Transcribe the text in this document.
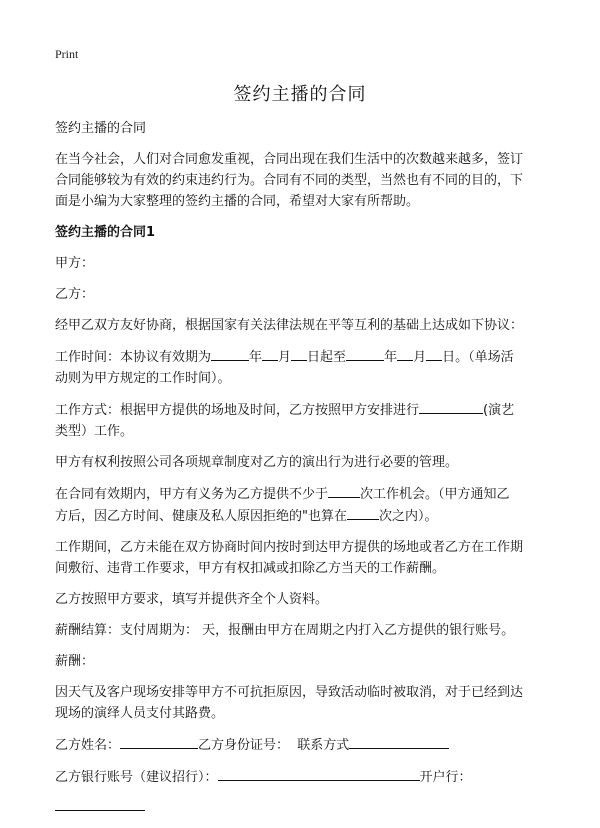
Print
签约主播的合同

签约主播的合同

在当今社会，人们对合同愈发重视，合同出现在我们生活中的次数越来越多，签订

合同能够较为有效的约束违约行为。合同有不同的类型，当然也有不同的目的，下

面是小编为大家整理的签约主播的合同，希望对大家有所帮助。

签约主播的合同1

甲方：

乙方：

经甲乙双方友好协商，根据国家有关法律法规在平等互利的基础上达成如下协议：

工作时间：本协议有效期为	年 月 日起至	年 月 日。（单场活

动则为甲方规定的工作时间）。

工作方式：根据甲方提供的场地及时间，乙方按照甲方安排进行	(演艺

类型）工作。

甲方有权利按照公司各项规章制度对乙方的演出行为进行必要的管理。

在合同有效期内，甲方有义务为乙方提供不少于 次工作机会。（甲方通知乙

方后，因乙方时间、健康及私人原因拒绝的"也算在 次之内）。

工作期间，乙方未能在双方协商时间内按时到达甲方提供的场地或者乙方在工作期

间敷衍、违背工作要求，甲方有权扣减或扣除乙方当天的工作薪酬。

乙方按照甲方要求，填写并提供齐全个人资料。

薪酬结算：支付周期为： 天，报酬由甲方在周期之内打入乙方提供的银行账号。

薪酬：

因天气及客户现场安排等甲方不可抗拒原因，导致活动临时被取消，对于已经到达

现场的演绎人员支付其路费。

乙方姓名：	乙方身份证号： 联系方式

乙方银行账号（建议招行）：	开户行：
